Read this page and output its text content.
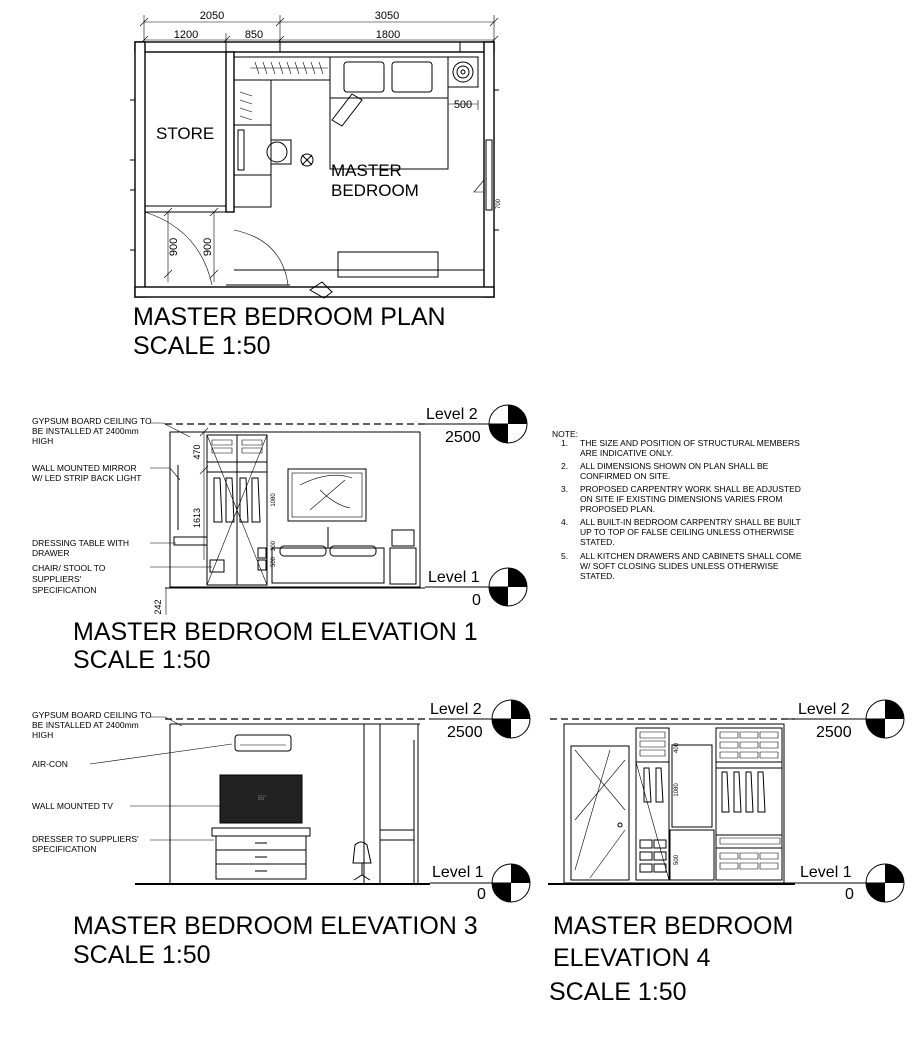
2050	3050
1200	850	1800
500
900 900
700
STORE
MASTER
BEDROOM
MASTER BEDROOM PLAN
SCALE 1:50
470
1613
242
1080
500
200
GYPSUM BOARD CEILING TO
BE INSTALLED AT 2400mm
HIGH
WALL MOUNTED MIRROR
W/ LED STRIP BACK LIGHT
DRESSING TABLE WITH
DRAWER
CHAIR/ STOOL TO
SUPPLIERS'
SPECIFICATION
Level 2
2500
Level 1
0
MASTER BEDROOM ELEVATION 1
SCALE 1:50
NOTE:
1. THE SIZE AND POSITION OF STRUCTURAL MEMBERS
ARE INDICATIVE ONLY.
2. ALL DIMENSIONS SHOWN ON PLAN SHALL BE
CONFIRMED ON SITE.
3. PROPOSED CARPENTRY WORK SHALL BE ADJUSTED
ON SITE IF EXISTING DIMENSIONS VARIES FROM
PROPOSED PLAN.
4. ALL BUILT-IN BEDROOM CARPENTRY SHALL BE BUILT
UP TO TOP OF FALSE CEILING UNLESS OTHERWISE
STATED.
5. ALL KITCHEN DRAWERS AND CABINETS SHALL COME
W/ SOFT CLOSING SLIDES UNLESS OTHERWISE
STATED.
55"
GYPSUM BOARD CEILING TO
BE INSTALLED AT 2400mm
HIGH
AIR-CON
WALL MOUNTED TV
DRESSER TO SUPPLIERS'
SPECIFICATION
Level 2
2500
Level 1
0
MASTER BEDROOM ELEVATION 3
SCALE 1:50
1080
400
500
Level 2
2500
Level 1
0
MASTER BEDROOM
ELEVATION 4
SCALE 1:50
